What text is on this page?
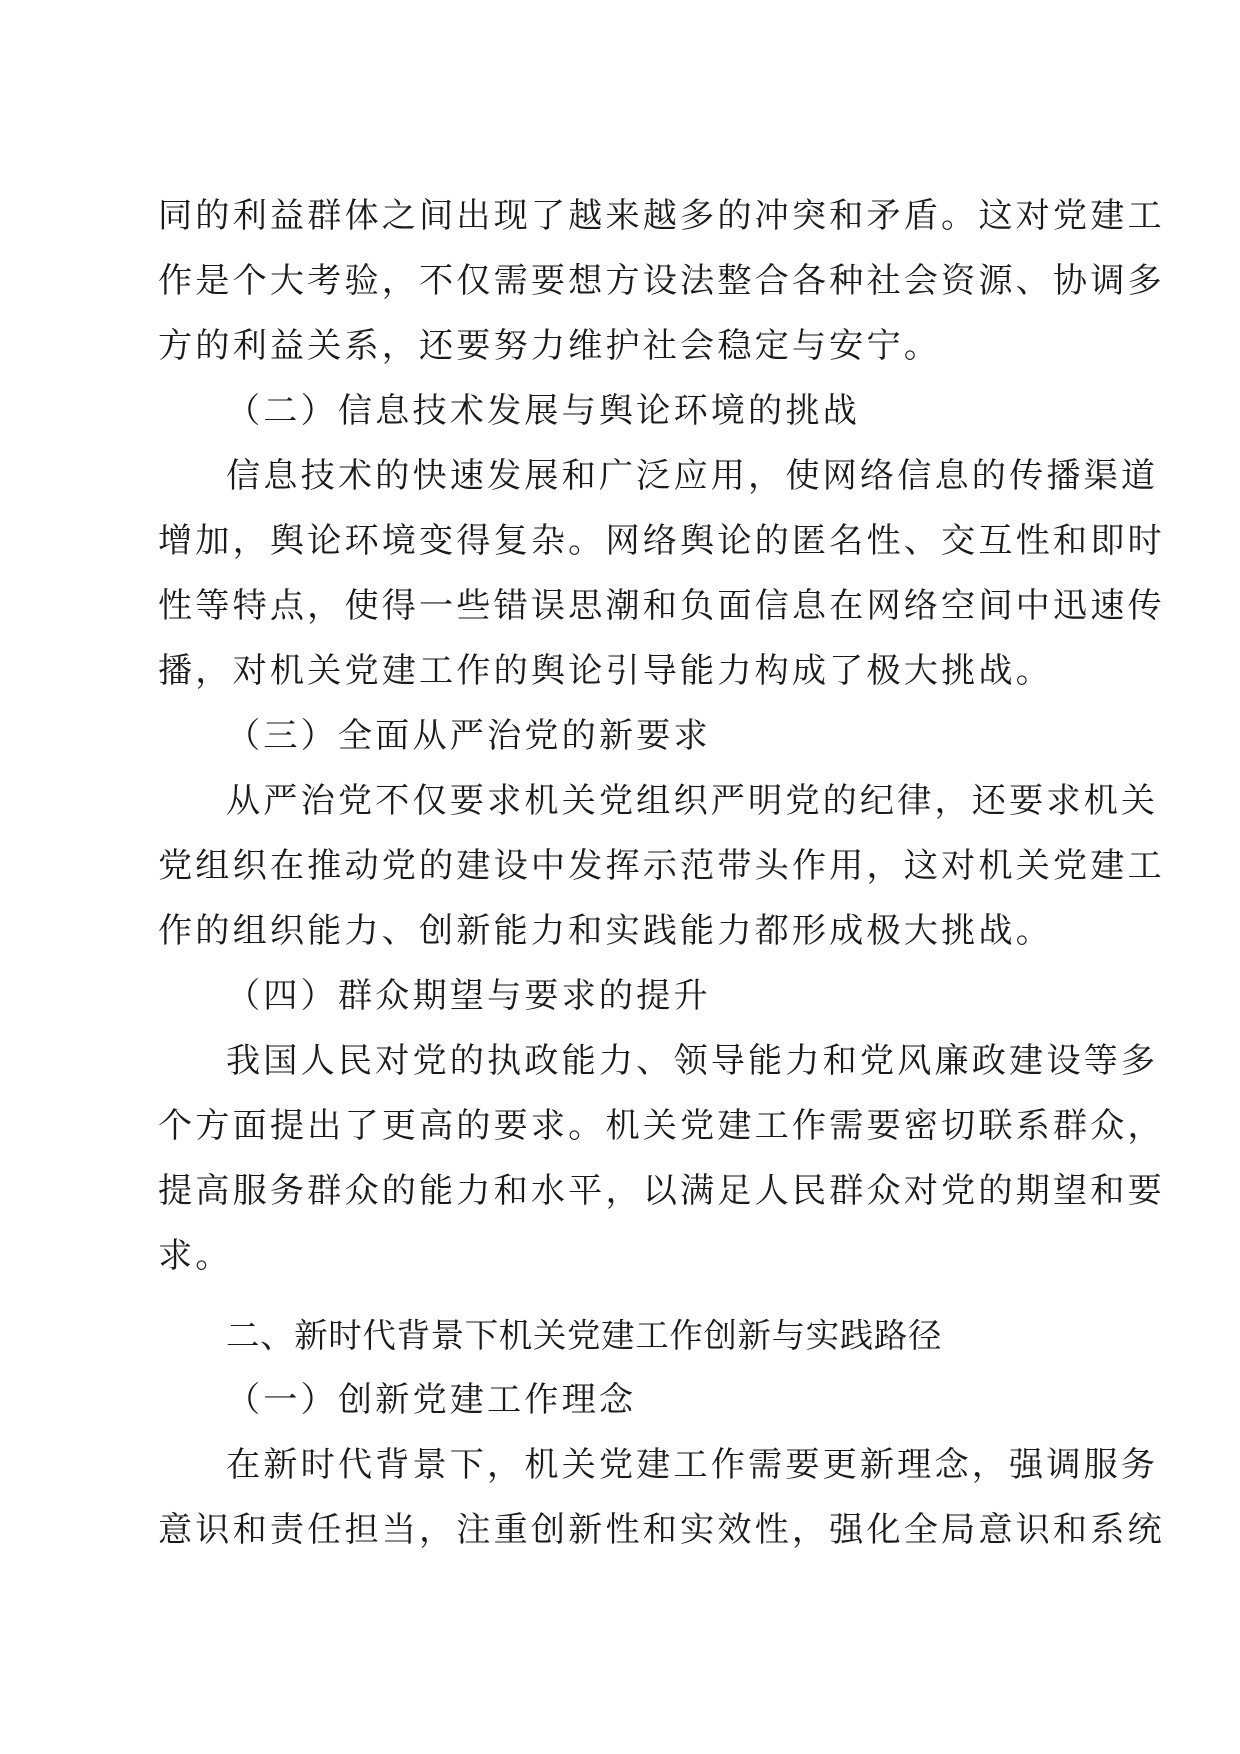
同的利益群体之间出现了越来越多的冲突和矛盾。这对党建工
作是个大考验，不仅需要想方设法整合各种社会资源、协调多
方的利益关系，还要努力维护社会稳定与安宁。
（二）信息技术发展与舆论环境的挑战
信息技术的快速发展和广泛应用，使网络信息的传播渠道
增加，舆论环境变得复杂。网络舆论的匿名性、交互性和即时
性等特点，使得一些错误思潮和负面信息在网络空间中迅速传
播，对机关党建工作的舆论引导能力构成了极大挑战。
（三）全面从严治党的新要求
从严治党不仅要求机关党组织严明党的纪律，还要求机关
党组织在推动党的建设中发挥示范带头作用，这对机关党建工
作的组织能力、创新能力和实践能力都形成极大挑战。
（四）群众期望与要求的提升
我国人民对党的执政能力、领导能力和党风廉政建设等多
个方面提出了更高的要求。机关党建工作需要密切联系群众，
提高服务群众的能力和水平，以满足人民群众对党的期望和要
求。
二、新时代背景下机关党建工作创新与实践路径
（一）创新党建工作理念
在新时代背景下，机关党建工作需要更新理念，强调服务
意识和责任担当，注重创新性和实效性，强化全局意识和系统
